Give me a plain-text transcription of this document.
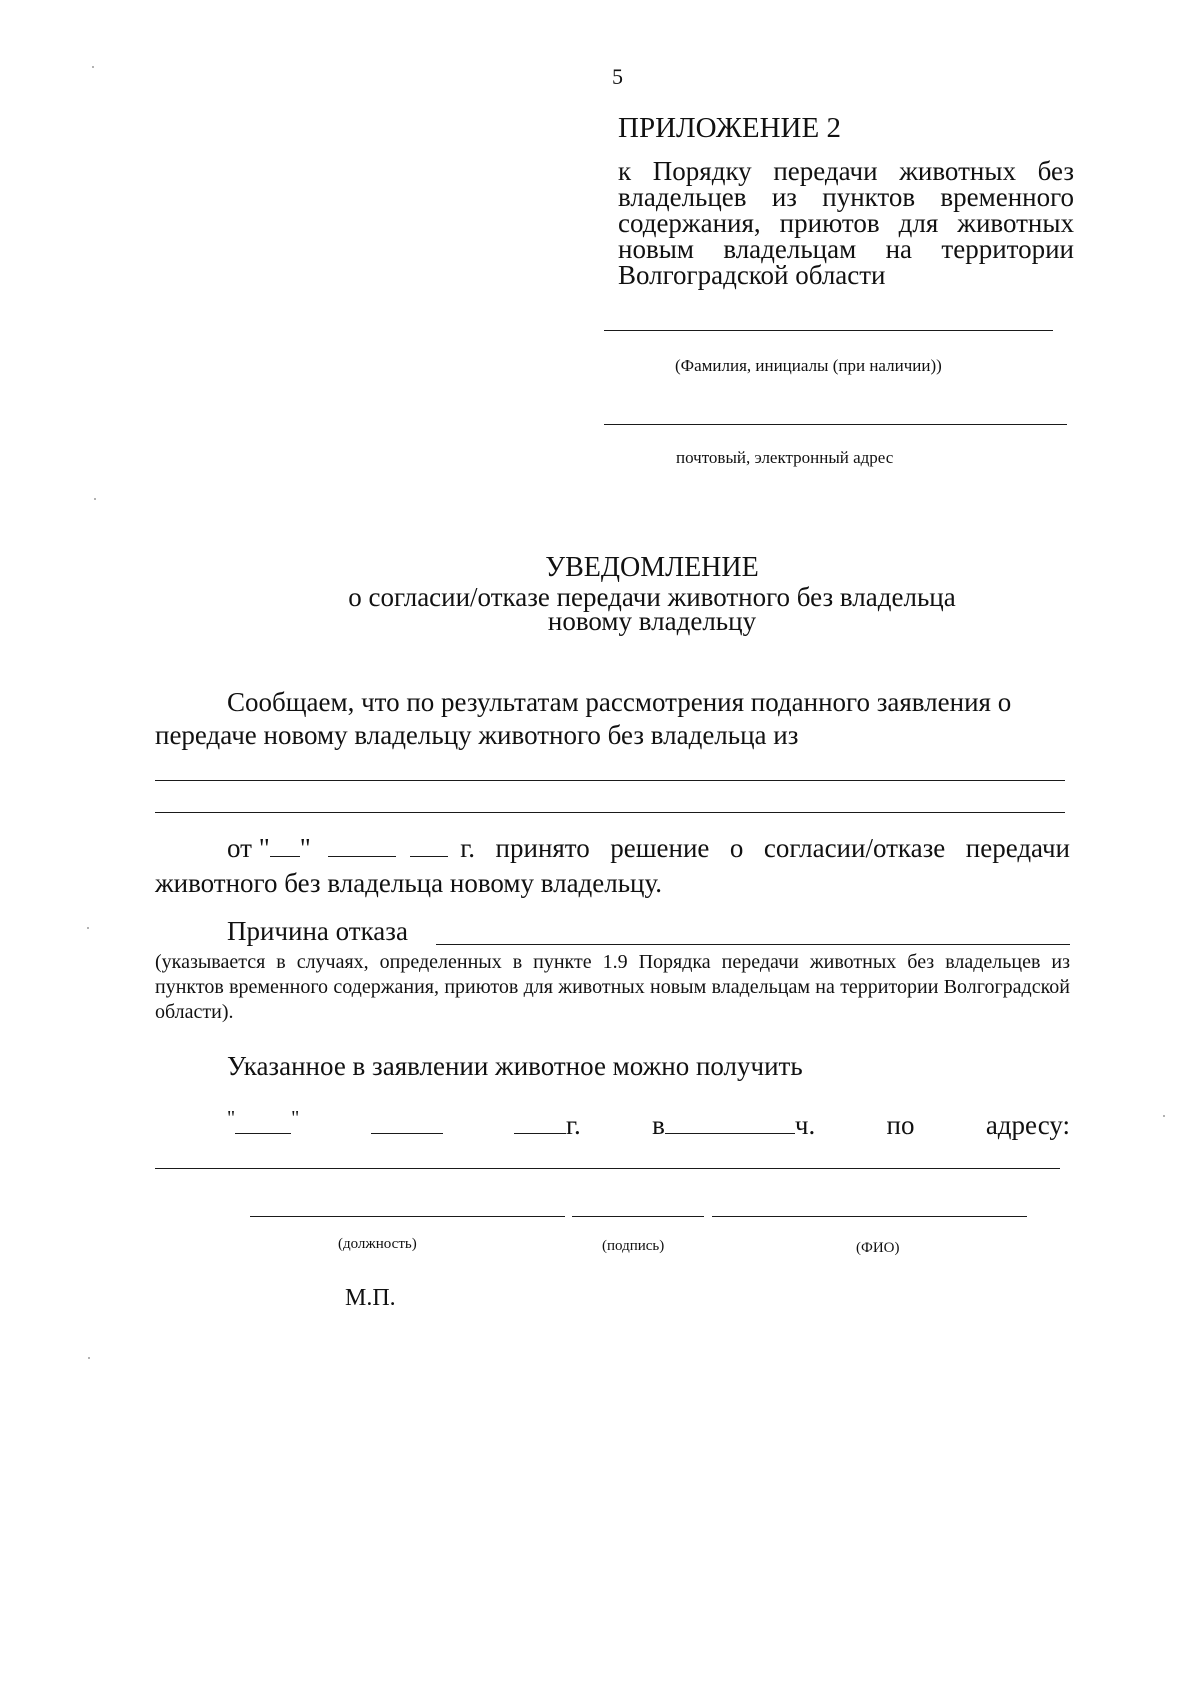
5
ПРИЛОЖЕНИЕ 2
к Порядку передачи животных без владельцев из пунктов временного содержания, приютов для животных новым владельцам на территории Волгоградской области
(Фамилия, инициалы (при наличии))
почтовый, электронный адрес
УВЕДОМЛЕНИЕ
о согласии/отказе передачи животного без владельца
новому владельцу
Сообщаем, что по результатам рассмотрения поданного заявления о
передаче новому владельцу животного без владельца из
от " "	г. принято решение о согласии/отказе передачи
животного без владельца новому владельцу.
Причина отказа
(указывается в случаях, определенных в пункте 1.9 Порядка передачи животных без владельцев из пунктов временного содержания, приютов для животных новым владельцам на территории Волгоградской области).
Указанное в заявлении животное можно получить
"	"	г.	в	ч.	по	адресу:
(должность)	(подпись)	(ФИО)
М.П.
